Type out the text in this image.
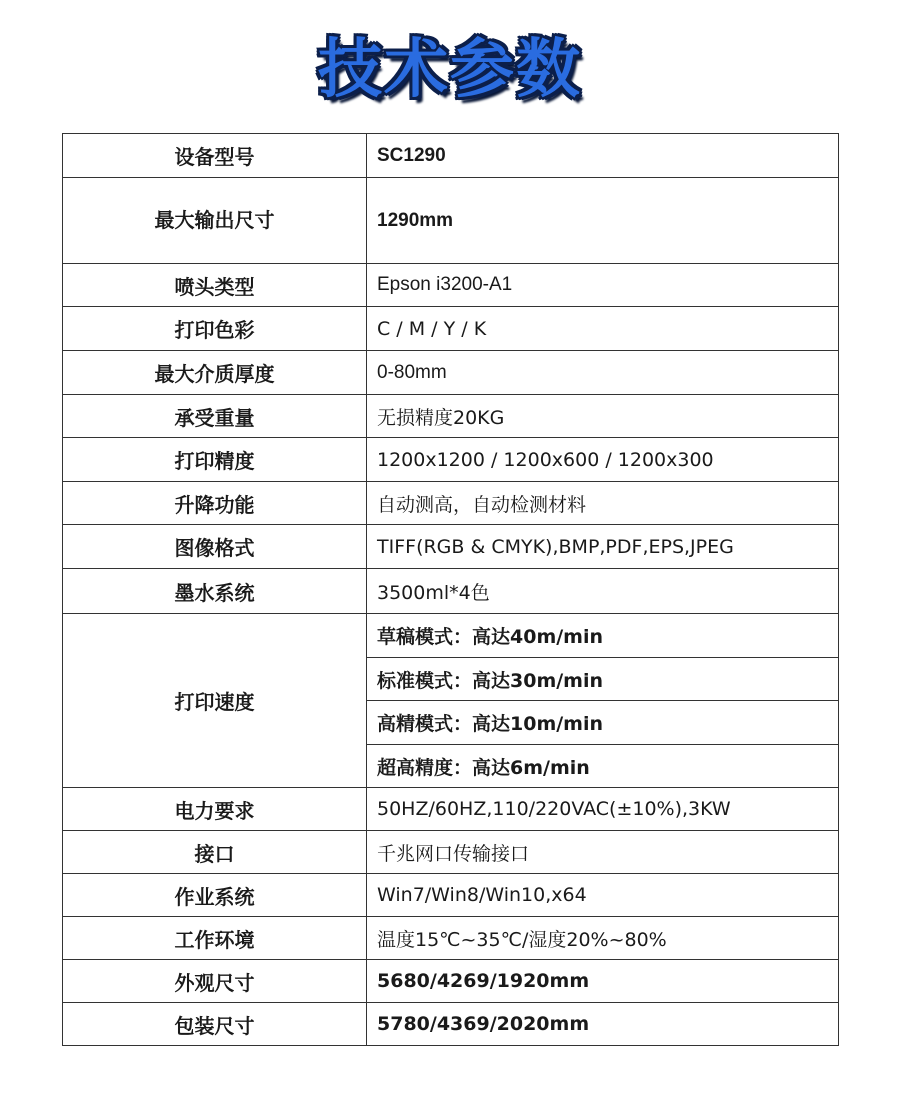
技术参数
设备型号	SC1290
最大输出尺寸	1290mm
喷头类型	Epson i3200-A1
打印色彩	C / M / Y / K
最大介质厚度	0-80mm
承受重量	无损精度20KG
打印精度	1200x1200 / 1200x600 / 1200x300
升降功能	自动测高，自动检测材料
图像格式	TIFF(RGB & CMYK),BMP,PDF,EPS,JPEG
墨水系统	3500ml*4色
打印速度	草稿模式：高达40m/min
	标准模式：高达30m/min
	高精模式：高达10m/min
	超高精度：高达6m/min
电力要求	50HZ/60HZ,110/220VAC(±10%),3KW
接口	千兆网口传输接口
作业系统	Win7/Win8/Win10,x64
工作环境	温度15℃~35℃/湿度20%~80%
外观尺寸	5680/4269/1920mm
包装尺寸	5780/4369/2020mm
